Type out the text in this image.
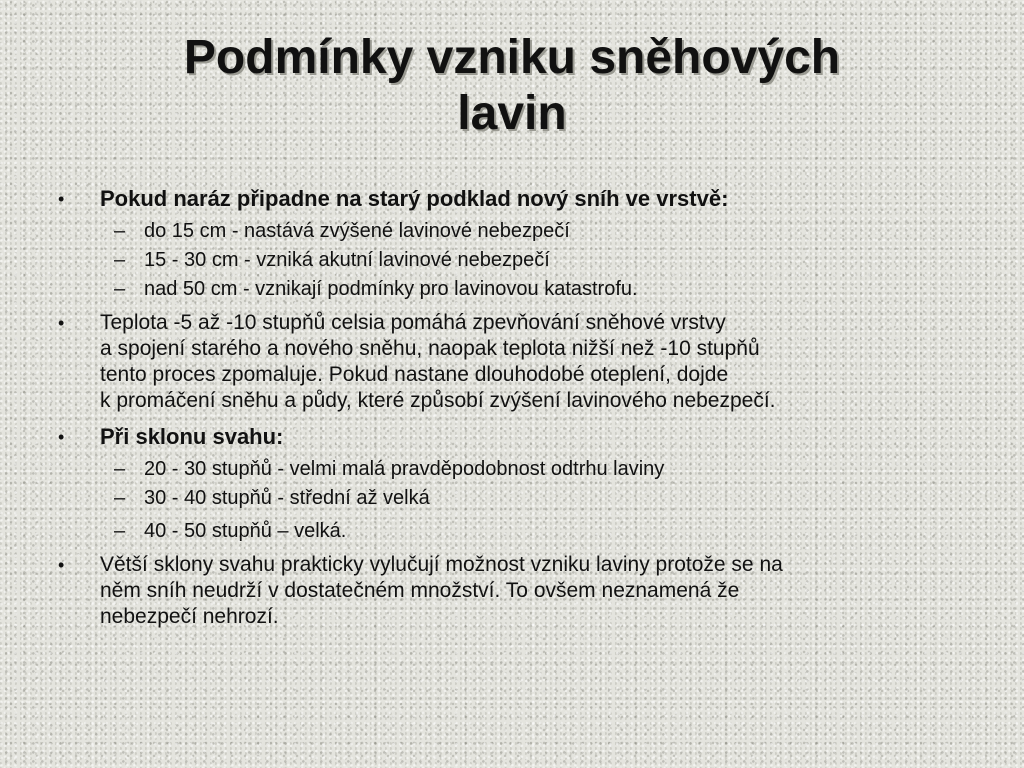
Podmínky vzniku sněhových
lavin
• Pokud naráz připadne na starý podklad nový sníh ve vrstvě:
– do 15 cm - nastává zvýšené lavinové nebezpečí
– 15 - 30 cm - vzniká akutní lavinové nebezpečí
– nad 50 cm - vznikají podmínky pro lavinovou katastrofu.
• Teplota -5 až -10 stupňů celsia pomáhá zpevňování sněhové vrstvy
a spojení starého a nového sněhu, naopak teplota nižší než -10 stupňů
tento proces zpomaluje. Pokud nastane dlouhodobé oteplení, dojde
k promáčení sněhu a půdy, které způsobí zvýšení lavinového nebezpečí.
• Při sklonu svahu:
– 20 - 30 stupňů - velmi malá pravděpodobnost odtrhu laviny
– 30 - 40 stupňů - střední až velká
– 40 - 50 stupňů – velká.
• Větší sklony svahu prakticky vylučují možnost vzniku laviny protože se na
něm sníh neudrží v dostatečném množství. To ovšem neznamená že
nebezpečí nehrozí.
